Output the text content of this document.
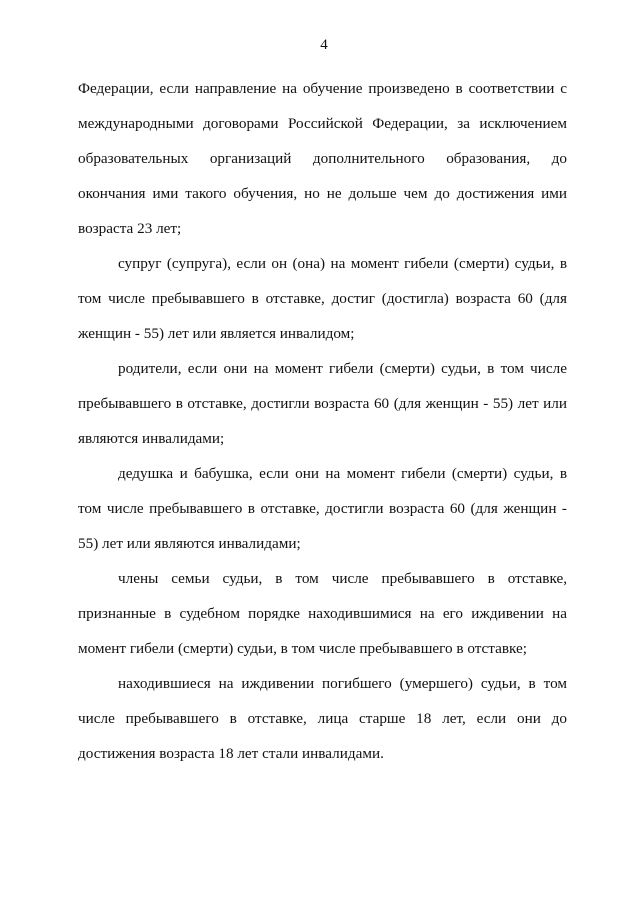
4

Федерации, если направление на обучение произведено в соответствии с международными договорами Российской Федерации, за исключением образовательных организаций дополнительного образования, до окончания ими такого обучения, но не дольше чем до достижения ими возраста 23 лет;

супруг (супруга), если он (она) на момент гибели (смерти) судьи, в том числе пребывавшего в отставке, достиг (достигла) возраста 60 (для женщин - 55) лет или является инвалидом;

родители, если они на момент гибели (смерти) судьи, в том числе пребывавшего в отставке, достигли возраста 60 (для женщин - 55) лет или являются инвалидами;

дедушка и бабушка, если они на момент гибели (смерти) судьи, в том числе пребывавшего в отставке, достигли возраста 60 (для женщин - 55) лет или являются инвалидами;

члены семьи судьи, в том числе пребывавшего в отставке, признанные в судебном порядке находившимися на его иждивении на момент гибели (смерти) судьи, в том числе пребывавшего в отставке;

находившиеся на иждивении погибшего (умершего) судьи, в том числе пребывавшего в отставке, лица старше 18 лет, если они до достижения возраста 18 лет стали инвалидами.
